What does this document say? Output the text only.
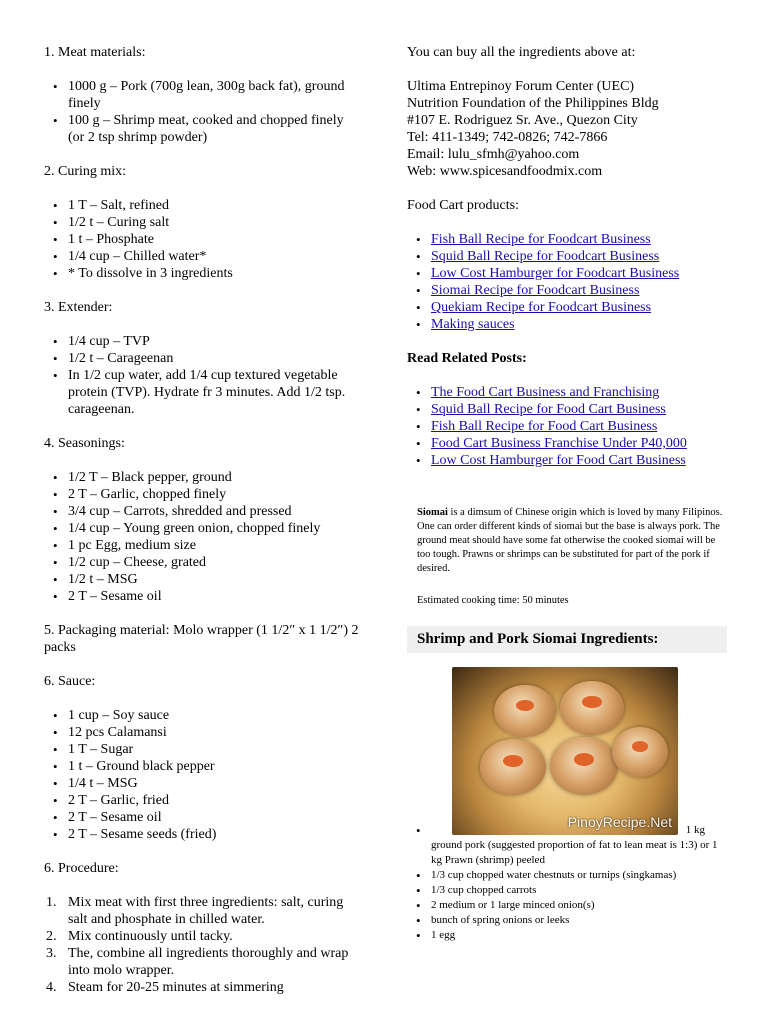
1. Meat materials:

• 1000 g – Pork (700g lean, 300g back fat), ground finely
• 100 g – Shrimp meat, cooked and chopped finely (or 2 tsp shrimp powder)

2. Curing mix:

• 1 T – Salt, refined
• 1/2 t – Curing salt
• 1 t – Phosphate
• 1/4 cup – Chilled water*
• * To dissolve in 3 ingredients

3. Extender:

• 1/4 cup – TVP
• 1/2 t – Carageenan
• In 1/2 cup water, add 1/4 cup textured vegetable protein (TVP). Hydrate fr 3 minutes. Add 1/2 tsp. carageenan.

4. Seasonings:

• 1/2 T – Black pepper, ground
• 2 T – Garlic, chopped finely
• 3/4 cup – Carrots, shredded and pressed
• 1/4 cup – Young green onion, chopped finely
• 1 pc Egg, medium size
• 1/2 cup – Cheese, grated
• 1/2 t – MSG
• 2 T – Sesame oil

5. Packaging material: Molo wrapper (1 1/2″ x 1 1/2″) 2 packs

6. Sauce:

• 1 cup – Soy sauce
• 12 pcs Calamansi
• 1 T – Sugar
• 1 t – Ground black pepper
• 1/4 t – MSG
• 2 T – Garlic, fried
• 2 T – Sesame oil
• 2 T – Sesame seeds (fried)

6. Procedure:

1. Mix meat with first three ingredients: salt, curing salt and phosphate in chilled water.
2. Mix continuously until tacky.
3. The, combine all ingredients thoroughly and wrap into molo wrapper.
4. Steam for 20-25 minutes at simmering

You can buy all the ingredients above at:

Ultima Entrepinoy Forum Center (UEC)

Nutrition Foundation of the Philippines Bldg

#107 E. Rodriguez Sr. Ave., Quezon City

Tel: 411-1349; 742-0826; 742-7866

Email: lulu_sfmh@yahoo.com

Web: www.spicesandfoodmix.com

Food Cart products:

• Fish Ball Recipe for Foodcart Business
• Squid Ball Recipe for Foodcart Business
• Low Cost Hamburger for Foodcart Business
• Siomai Recipe for Foodcart Business
• Quekiam Recipe for Foodcart Business
• Making sauces

Read Related Posts:

• The Food Cart Business and Franchising
• Squid Ball Recipe for Food Cart Business
• Fish Ball Recipe for Food Cart Business
• Food Cart Business Franchise Under P40,000
• Low Cost Hamburger for Food Cart Business

Siomai is a dimsum of Chinese origin which is loved by many Filipinos. One can order different kinds of siomai but the base is always pork. The ground meat should have some fat otherwise the cooked siomai will be too tough. Prawns or shrimps can be substituted for part of the pork if desired.

Estimated cooking time: 50 minutes

Shrimp and Pork Siomai Ingredients:
PinoyRecipe.Net
•	1 kg
ground pork (suggested proportion of fat to lean meat is 1:3) or 1 kg Prawn (shrimp) peeled
• 1/3 cup chopped water chestnuts or turnips (singkamas)
• 1/3 cup chopped carrots
• 2 medium or 1 large minced onion(s)
• bunch of spring onions or leeks
• 1 egg
